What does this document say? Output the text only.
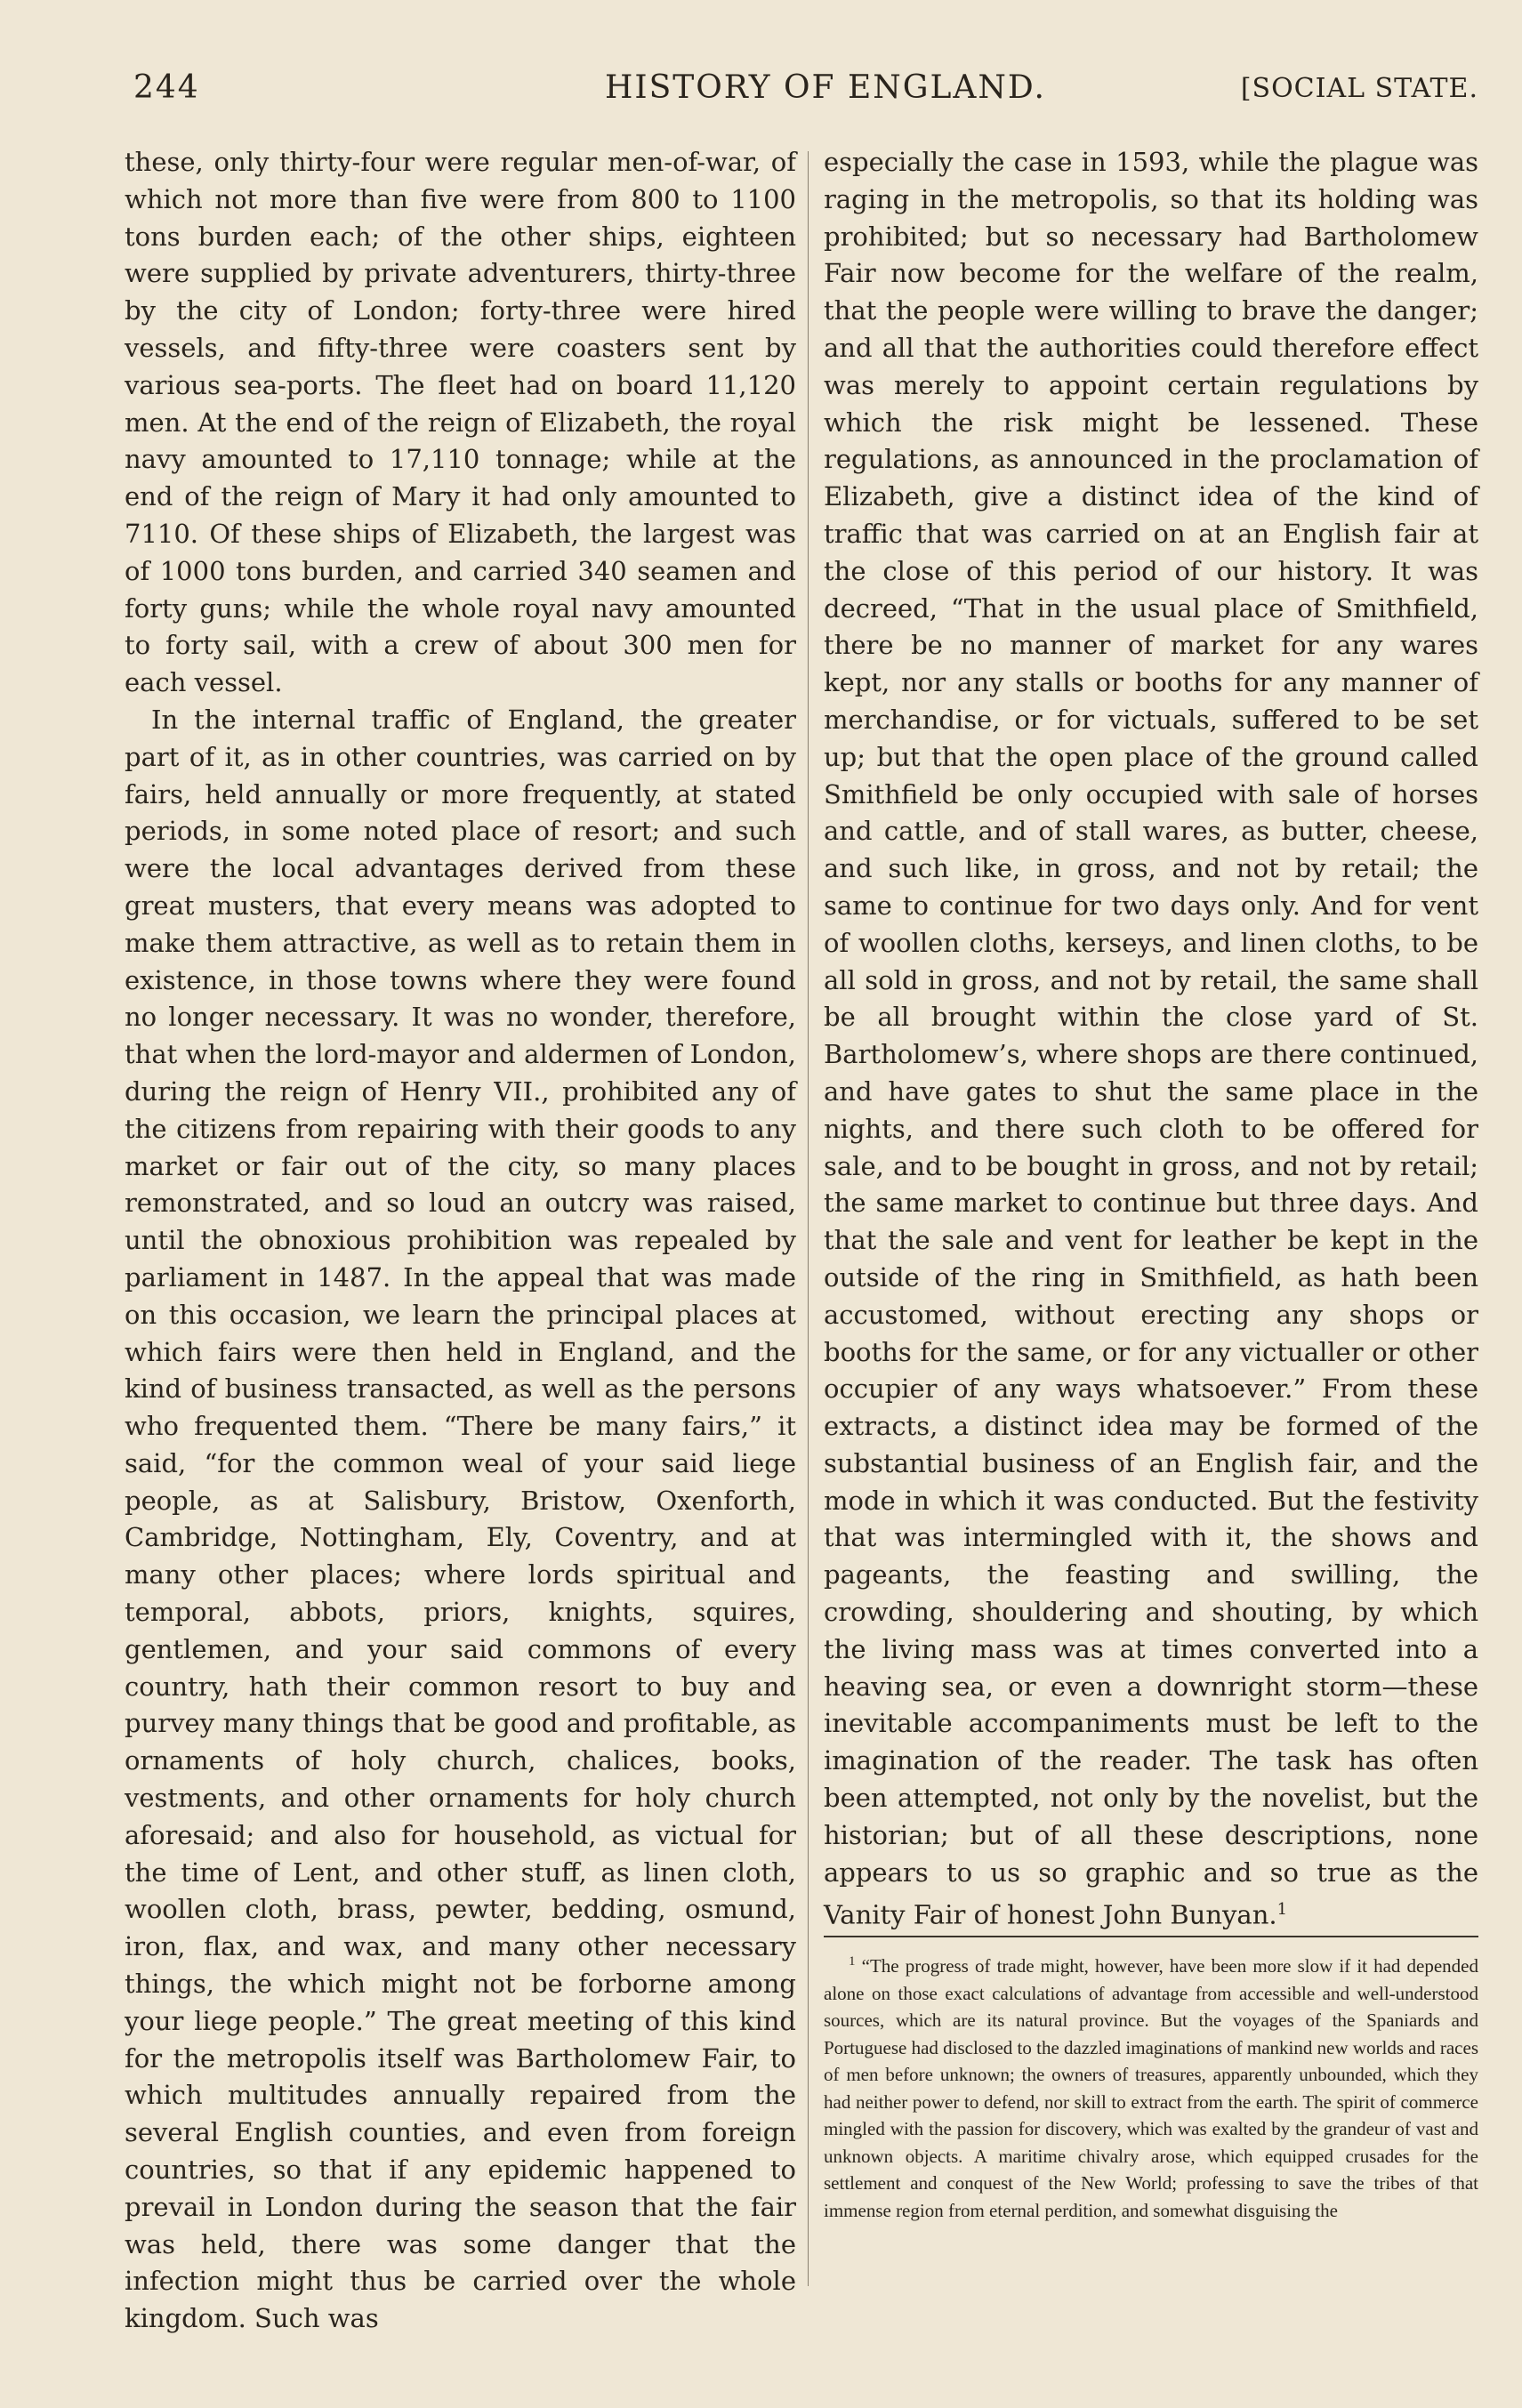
244	HISTORY OF ENGLAND.	[SOCIAL STATE.

these, only thirty-four were regular men-of-war, of which not more than five were from 800 to 1100 tons burden each; of the other ships, eighteen were supplied by private adventurers, thirty-three by the city of London; forty-three were hired vessels, and fifty-three were coasters sent by various sea-ports. The fleet had on board 11,120 men. At the end of the reign of Elizabeth, the royal navy amounted to 17,110 tonnage; while at the end of the reign of Mary it had only amounted to 7110. Of these ships of Elizabeth, the largest was of 1000 tons burden, and carried 340 seamen and forty guns; while the whole royal navy amounted to forty sail, with a crew of about 300 men for each vessel.

In the internal traffic of England, the greater part of it, as in other countries, was carried on by fairs, held annually or more frequently, at stated periods, in some noted place of resort; and such were the local advantages derived from these great musters, that every means was adopted to make them attractive, as well as to retain them in existence, in those towns where they were found no longer necessary. It was no wonder, therefore, that when the lord-mayor and aldermen of London, during the reign of Henry VII., prohibited any of the citizens from repairing with their goods to any market or fair out of the city, so many places remonstrated, and so loud an outcry was raised, until the obnoxious prohibition was repealed by parliament in 1487. In the appeal that was made on this occasion, we learn the principal places at which fairs were then held in England, and the kind of business transacted, as well as the persons who frequented them. “There be many fairs,” it said, “for the common weal of your said liege people, as at Salisbury, Bristow, Oxenforth, Cambridge, Nottingham, Ely, Coventry, and at many other places; where lords spiritual and temporal, abbots, priors, knights, squires, gentlemen, and your said commons of every country, hath their common resort to buy and purvey many things that be good and profitable, as ornaments of holy church, chalices, books, vestments, and other ornaments for holy church aforesaid; and also for household, as victual for the time of Lent, and other stuff, as linen cloth, woollen cloth, brass, pewter, bedding, osmund, iron, flax, and wax, and many other necessary things, the which might not be forborne among your liege people.” The great meeting of this kind for the metropolis itself was Bartholomew Fair, to which multitudes annually repaired from the several English counties, and even from foreign countries, so that if any epidemic happened to prevail in London during the season that the fair was held, there was some danger that the infection might thus be carried over the whole kingdom. Such was

especially the case in 1593, while the plague was raging in the metropolis, so that its holding was prohibited; but so necessary had Bartholomew Fair now become for the welfare of the realm, that the people were willing to brave the danger; and all that the authorities could therefore effect was merely to appoint certain regulations by which the risk might be lessened. These regulations, as announced in the proclamation of Elizabeth, give a distinct idea of the kind of traffic that was carried on at an English fair at the close of this period of our history. It was decreed, “That in the usual place of Smithfield, there be no manner of market for any wares kept, nor any stalls or booths for any manner of merchandise, or for victuals, suffered to be set up; but that the open place of the ground called Smithfield be only occupied with sale of horses and cattle, and of stall wares, as butter, cheese, and such like, in gross, and not by retail; the same to continue for two days only. And for vent of woollen cloths, kerseys, and linen cloths, to be all sold in gross, and not by retail, the same shall be all brought within the close yard of St. Bartholomew’s, where shops are there continued, and have gates to shut the same place in the nights, and there such cloth to be offered for sale, and to be bought in gross, and not by retail; the same market to continue but three days. And that the sale and vent for leather be kept in the outside of the ring in Smithfield, as hath been accustomed, without erecting any shops or booths for the same, or for any victualler or other occupier of any ways whatsoever.” From these extracts, a distinct idea may be formed of the substantial business of an English fair, and the mode in which it was conducted. But the festivity that was intermingled with it, the shows and pageants, the feasting and swilling, the crowding, shouldering and shouting, by which the living mass was at times converted into a heaving sea, or even a downright storm—these inevitable accompaniments must be left to the imagination of the reader. The task has often been attempted, not only by the novelist, but the historian; but of all these descriptions, none appears to us so graphic and so true as the Vanity Fair of honest John Bunyan.$^1$

$^1$ “The progress of trade might, however, have been more slow if it had depended alone on those exact calculations of advantage from accessible and well-understood sources, which are its natural province. But the voyages of the Spaniards and Portuguese had disclosed to the dazzled imaginations of mankind new worlds and races of men before unknown; the owners of treasures, apparently unbounded, which they had neither power to defend, nor skill to extract from the earth. The spirit of commerce mingled with the passion for discovery, which was exalted by the grandeur of vast and unknown objects. A maritime chivalry arose, which equipped crusades for the settlement and conquest of the New World; professing to save the tribes of that immense region from eternal perdition, and somewhat disguising the
